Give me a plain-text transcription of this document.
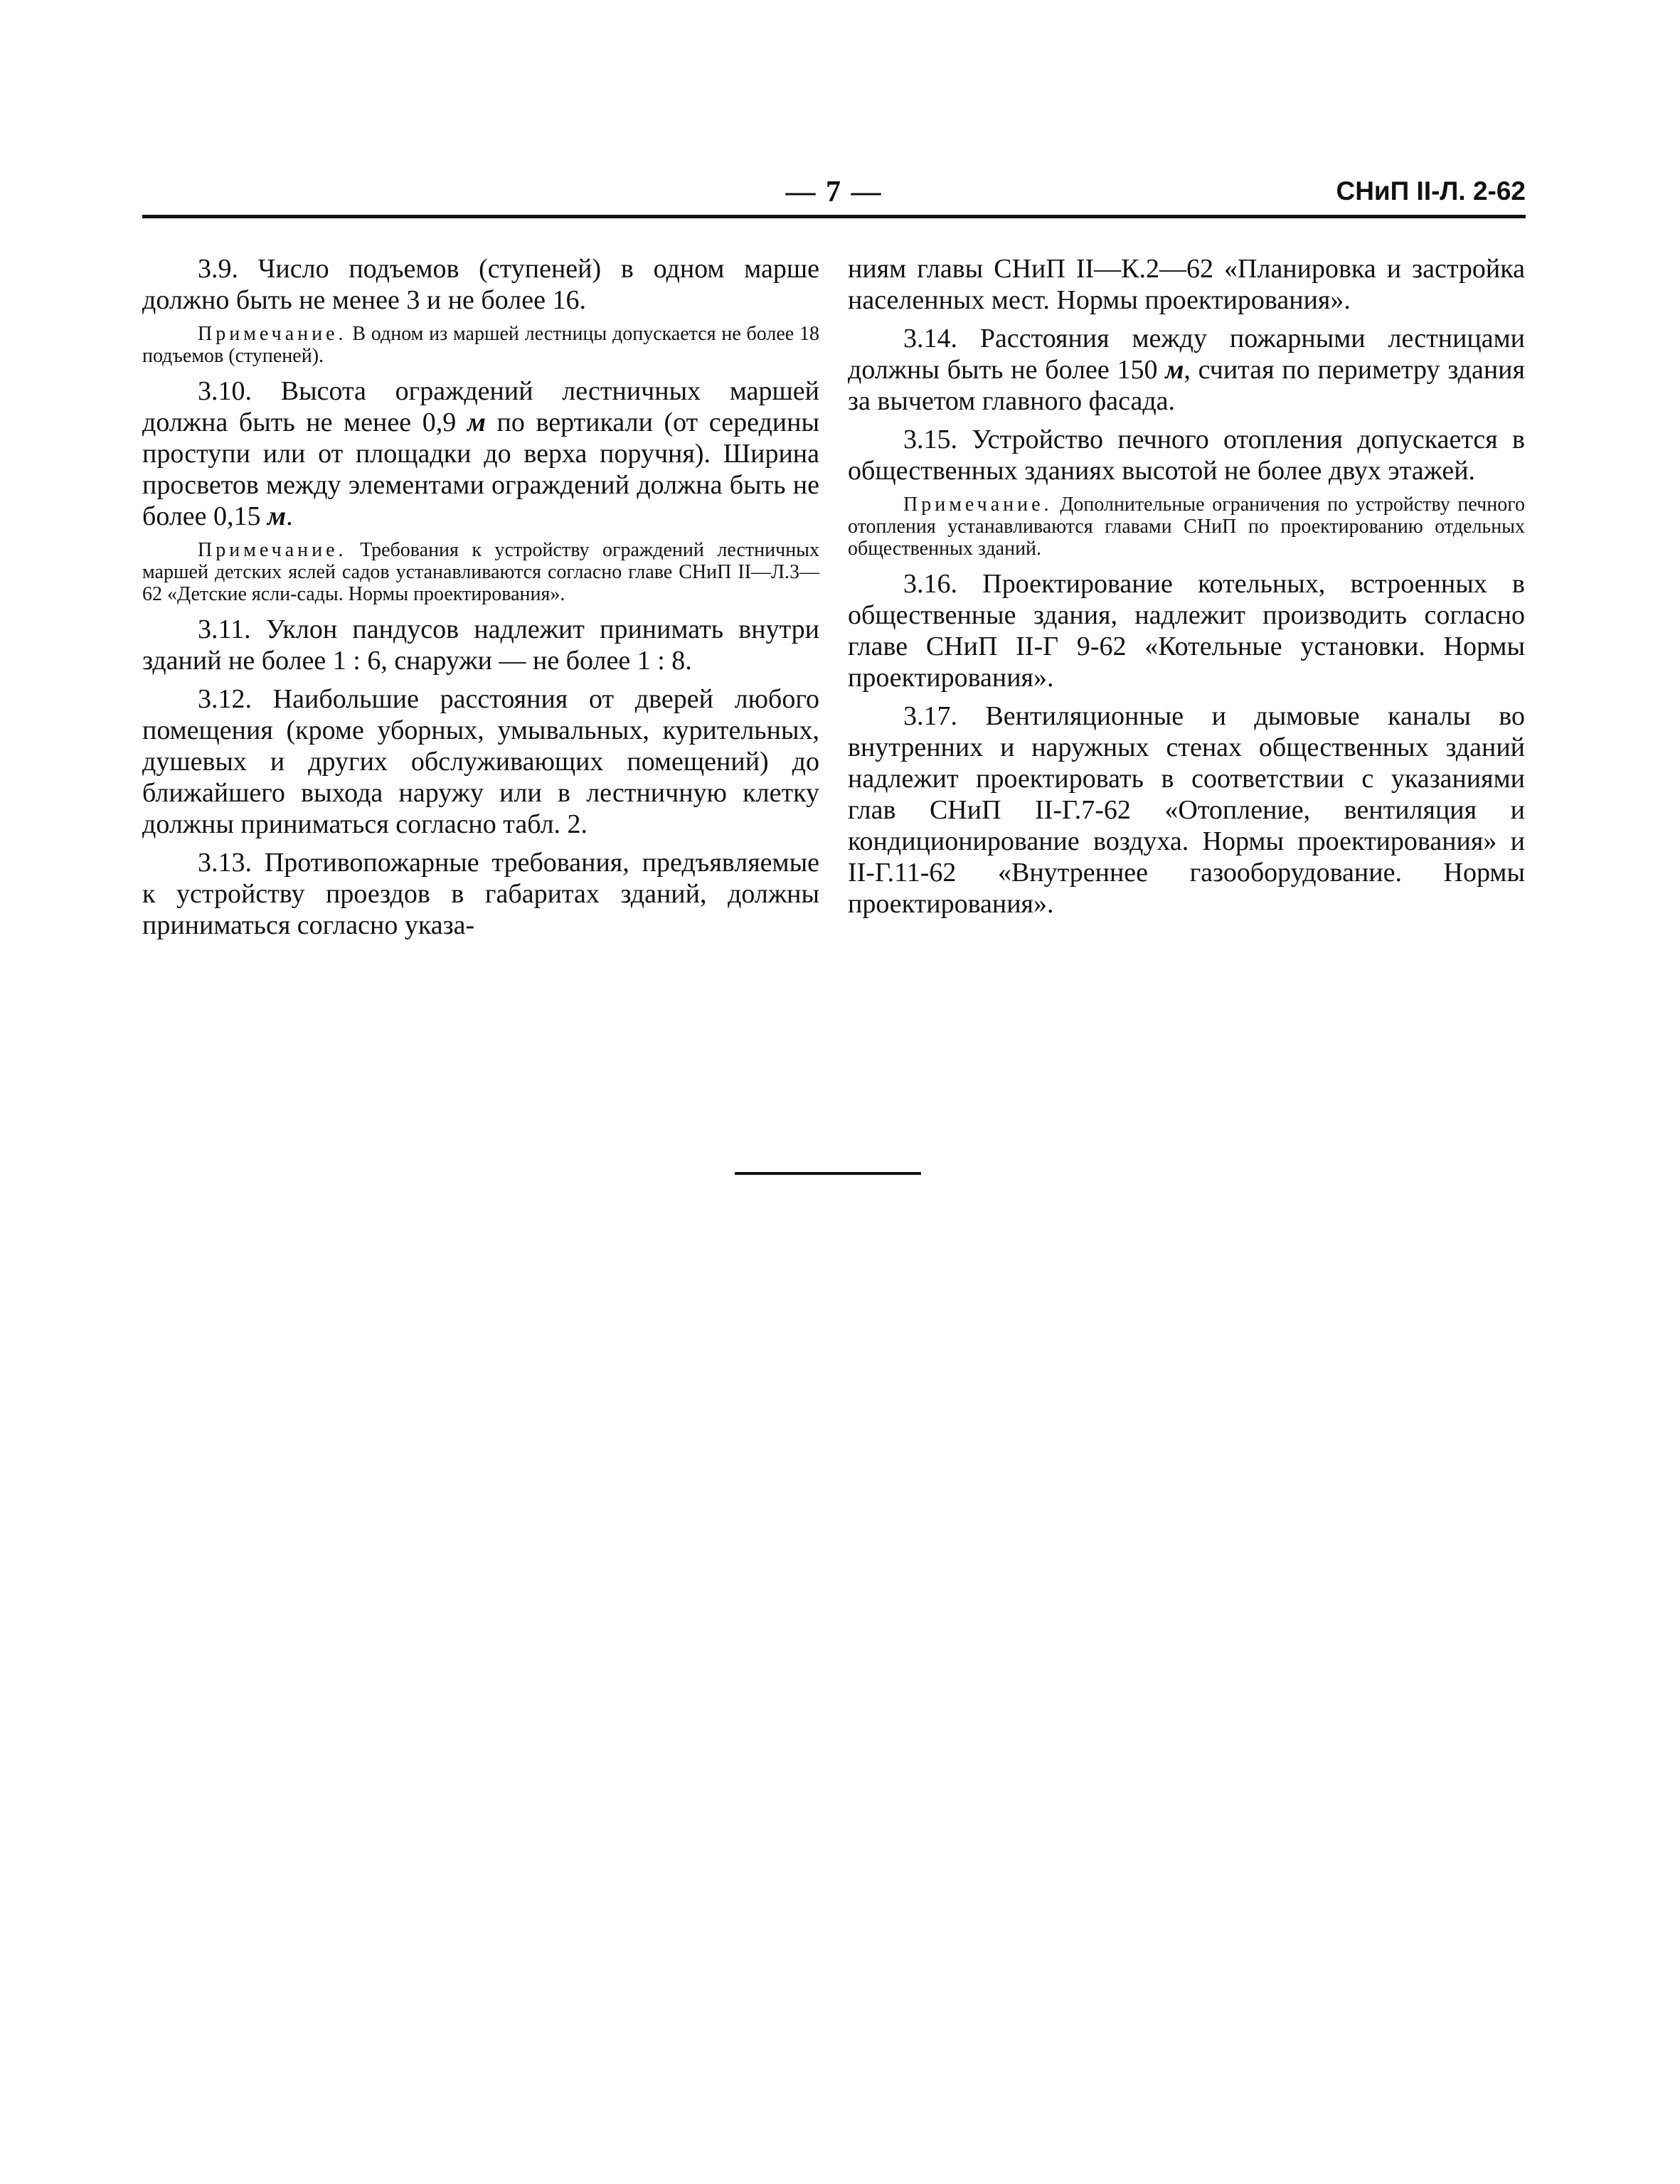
— 7 —	СНиП II-Л. 2-62

3.9. Число подъемов (ступеней) в одном марше должно быть не менее 3 и не более 16.

Примечание. В одном из маршей лестницы допускается не более 18 подъемов (ступеней).

3.10. Высота ограждений лестничных маршей должна быть не менее 0,9 м по вертикали (от середины проступи или от площадки до верха поручня). Ширина просветов между элементами ограждений должна быть не более 0,15 м.

Примечание. Требования к устройству ограждений лестничных маршей детских яслей садов устанавливаются согласно главе СНиП II—Л.3—62 «Детские ясли-сады. Нормы проектирования».

3.11. Уклон пандусов надлежит принимать внутри зданий не более 1 : 6, снаружи — не более 1 : 8.

3.12. Наибольшие расстояния от дверей любого помещения (кроме уборных, умывальных, курительных, душевых и других обслуживающих помещений) до ближайшего выхода наружу или в лестничную клетку должны приниматься согласно табл. 2.

3.13. Противопожарные требования, предъявляемые к устройству проездов в габаритах зданий, должны приниматься согласно указа-

ниям главы СНиП II—К.2—62 «Планировка и застройка населенных мест. Нормы проектирования».

3.14. Расстояния между пожарными лестницами должны быть не более 150 м, считая по периметру здания за вычетом главного фасада.

3.15. Устройство печного отопления допускается в общественных зданиях высотой не более двух этажей.

Примечание. Дополнительные ограничения по устройству печного отопления устанавливаются главами СНиП по проектированию отдельных общественных зданий.

3.16. Проектирование котельных, встроенных в общественные здания, надлежит производить согласно главе СНиП II-Г 9-62 «Котельные установки. Нормы проектирования».

3.17. Вентиляционные и дымовые каналы во внутренних и наружных стенах общественных зданий надлежит проектировать в соответствии с указаниями глав СНиП II-Г.7-62 «Отопление, вентиляция и кондиционирование воздуха. Нормы проектирования» и II-Г.11-62 «Внутреннее газооборудование. Нормы проектирования».
